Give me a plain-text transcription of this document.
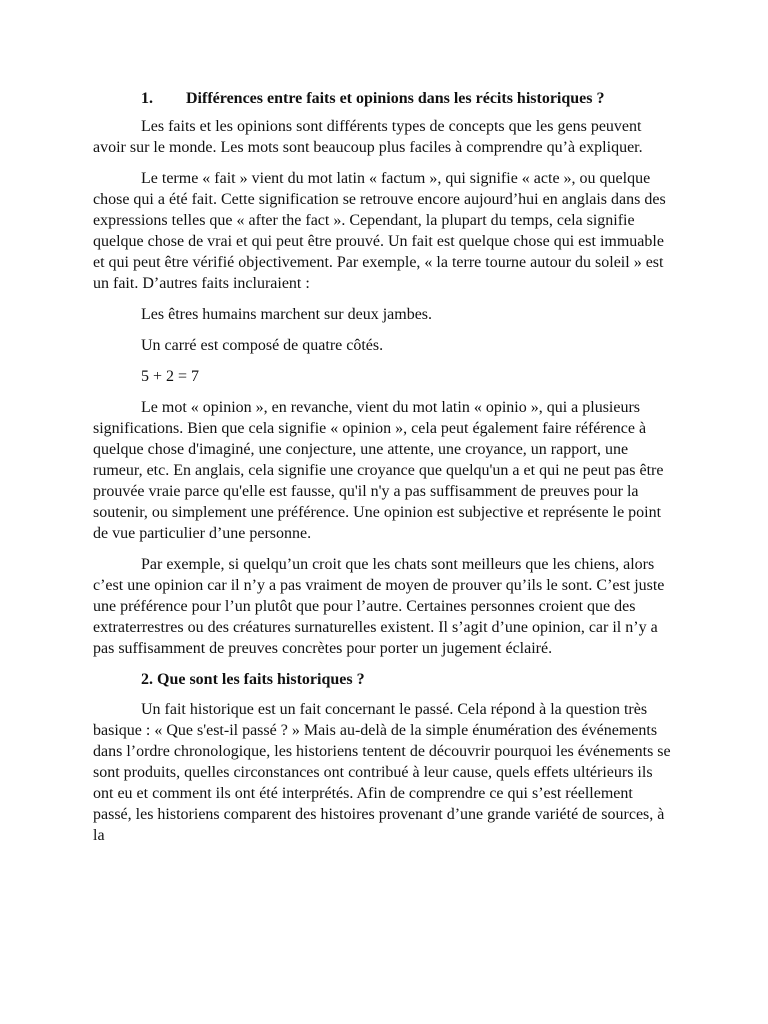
1. Différences entre faits et opinions dans les récits historiques ?

Les faits et les opinions sont différents types de concepts que les gens peuvent avoir sur le monde. Les mots sont beaucoup plus faciles à comprendre qu’à expliquer.

Le terme « fait » vient du mot latin « factum », qui signifie « acte », ou quelque chose qui a été fait. Cette signification se retrouve encore aujourd’hui en anglais dans des expressions telles que « after the fact ». Cependant, la plupart du temps, cela signifie quelque chose de vrai et qui peut être prouvé. Un fait est quelque chose qui est immuable et qui peut être vérifié objectivement. Par exemple, « la terre tourne autour du soleil » est un fait. D’autres faits incluraient :

Les êtres humains marchent sur deux jambes.

Un carré est composé de quatre côtés.

5 + 2 = 7

Le mot « opinion », en revanche, vient du mot latin « opinio », qui a plusieurs significations. Bien que cela signifie « opinion », cela peut également faire référence à quelque chose d'imaginé, une conjecture, une attente, une croyance, un rapport, une rumeur, etc. En anglais, cela signifie une croyance que quelqu'un a et qui ne peut pas être prouvée vraie parce qu'elle est fausse, qu'il n'y a pas suffisamment de preuves pour la soutenir, ou simplement une préférence. Une opinion est subjective et représente le point de vue particulier d’une personne.

Par exemple, si quelqu’un croit que les chats sont meilleurs que les chiens, alors c’est une opinion car il n’y a pas vraiment de moyen de prouver qu’ils le sont. C’est juste une préférence pour l’un plutôt que pour l’autre. Certaines personnes croient que des extraterrestres ou des créatures surnaturelles existent. Il s’agit d’une opinion, car il n’y a pas suffisamment de preuves concrètes pour porter un jugement éclairé.

2. Que sont les faits historiques ?

Un fait historique est un fait concernant le passé. Cela répond à la question très basique : « Que s'est-il passé ? » Mais au-delà de la simple énumération des événements dans l’ordre chronologique, les historiens tentent de découvrir pourquoi les événements se sont produits, quelles circonstances ont contribué à leur cause, quels effets ultérieurs ils ont eu et comment ils ont été interprétés. Afin de comprendre ce qui s’est réellement passé, les historiens comparent des histoires provenant d’une grande variété de sources, à la
